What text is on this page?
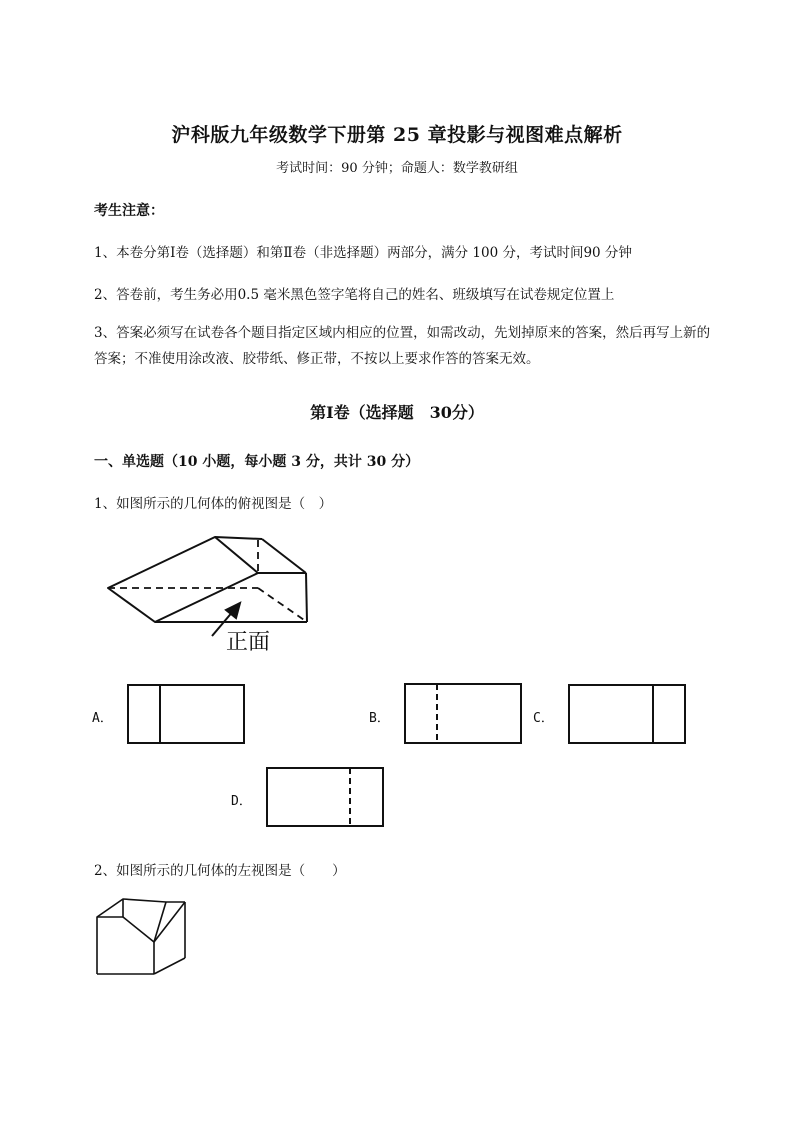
沪科版九年级数学下册第 25 章投影与视图难点解析
考试时间：90 分钟；命题人：数学教研组
考生注意：
1、本卷分第Ⅰ卷（选择题）和第Ⅱ卷（非选择题）两部分，满分 100 分，考试时间90 分钟
2、答卷前，考生务必用0.5 毫米黑色签字笔将自己的姓名、班级填写在试卷规定位置上
3、答案必须写在试卷各个题目指定区域内相应的位置，如需改动，先划掉原来的答案，然后再写上新的答案；不准使用涂改液、胶带纸、修正带，不按以上要求作答的答案无效。
第Ⅰ卷（选择题　30分）
一、单选题（10 小题，每小题 3 分，共计 30 分）
1、如图所示的几何体的俯视图是（　）
正面
A．	B．	C．
D．
2、如图所示的几何体的左视图是（　　）
